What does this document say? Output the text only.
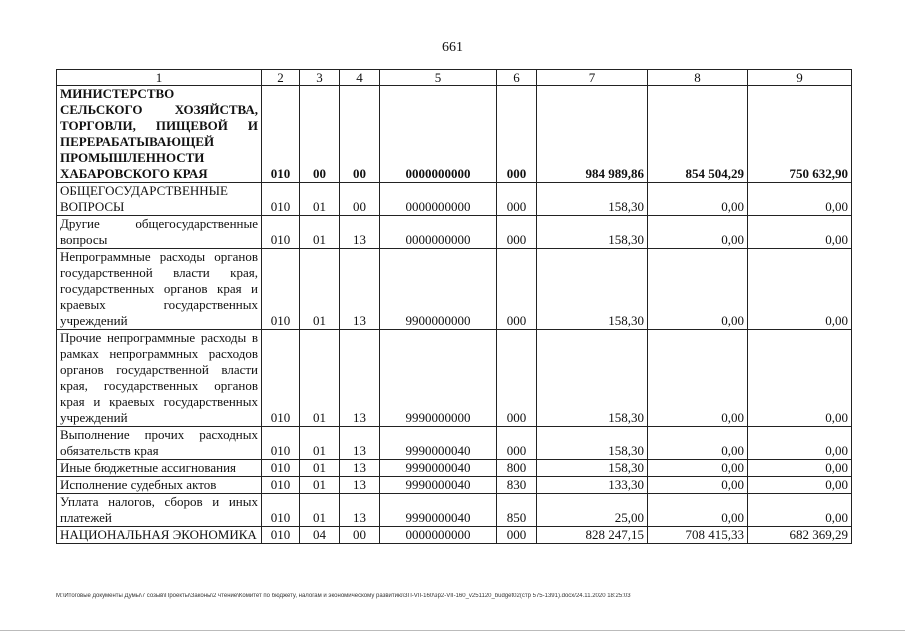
661
1	2	3	4	5	6	7	8	9
МИНИСТЕРСТВО СЕЛЬСКОГО ХОЗЯЙСТВА, ТОРГОВЛИ, ПИЩЕВОЙ И ПЕРЕРАБАТЫВАЮЩЕЙ ПРОМЫШЛЕННОСТИ ХАБАРОВСКОГО КРАЯ	010	00	00	0000000000	000	984 989,86	854 504,29	750 632,90
ОБЩЕГОСУДАРСТВЕННЫЕ ВОПРОСЫ	010	01	00	0000000000	000	158,30	0,00	0,00
Другие общегосударственные вопросы	010	01	13	0000000000	000	158,30	0,00	0,00
Непрограммные расходы органов государственной власти края, государственных органов края и краевых государственных учреждений	010	01	13	9900000000	000	158,30	0,00	0,00
Прочие непрограммные расходы в рамках непрограммных расходов органов государственной власти края, государственных органов края и краевых государственных учреждений	010	01	13	9990000000	000	158,30	0,00	0,00
Выполнение прочих расходных обязательств края	010	01	13	9990000040	000	158,30	0,00	0,00
Иные бюджетные ассигнования	010	01	13	9990000040	800	158,30	0,00	0,00
Исполнение судебных актов	010	01	13	9990000040	830	133,30	0,00	0,00
Уплата налогов, сборов и иных платежей	010	01	13	9990000040	850	25,00	0,00	0,00
НАЦИОНАЛЬНАЯ ЭКОНОМИКА	010	04	00	0000000000	000	828 247,15	708 415,33	682 369,29
M:\Итоговые документы Думы\7 созыв\Проекты\Законы\2 чтение\Комитет по бюджету, налогам и экономическому развитию\3П-VII-160\зр2-VII-160_v251120_budget02(стр 575-1391).docx/24.11.2020 18:25:03
